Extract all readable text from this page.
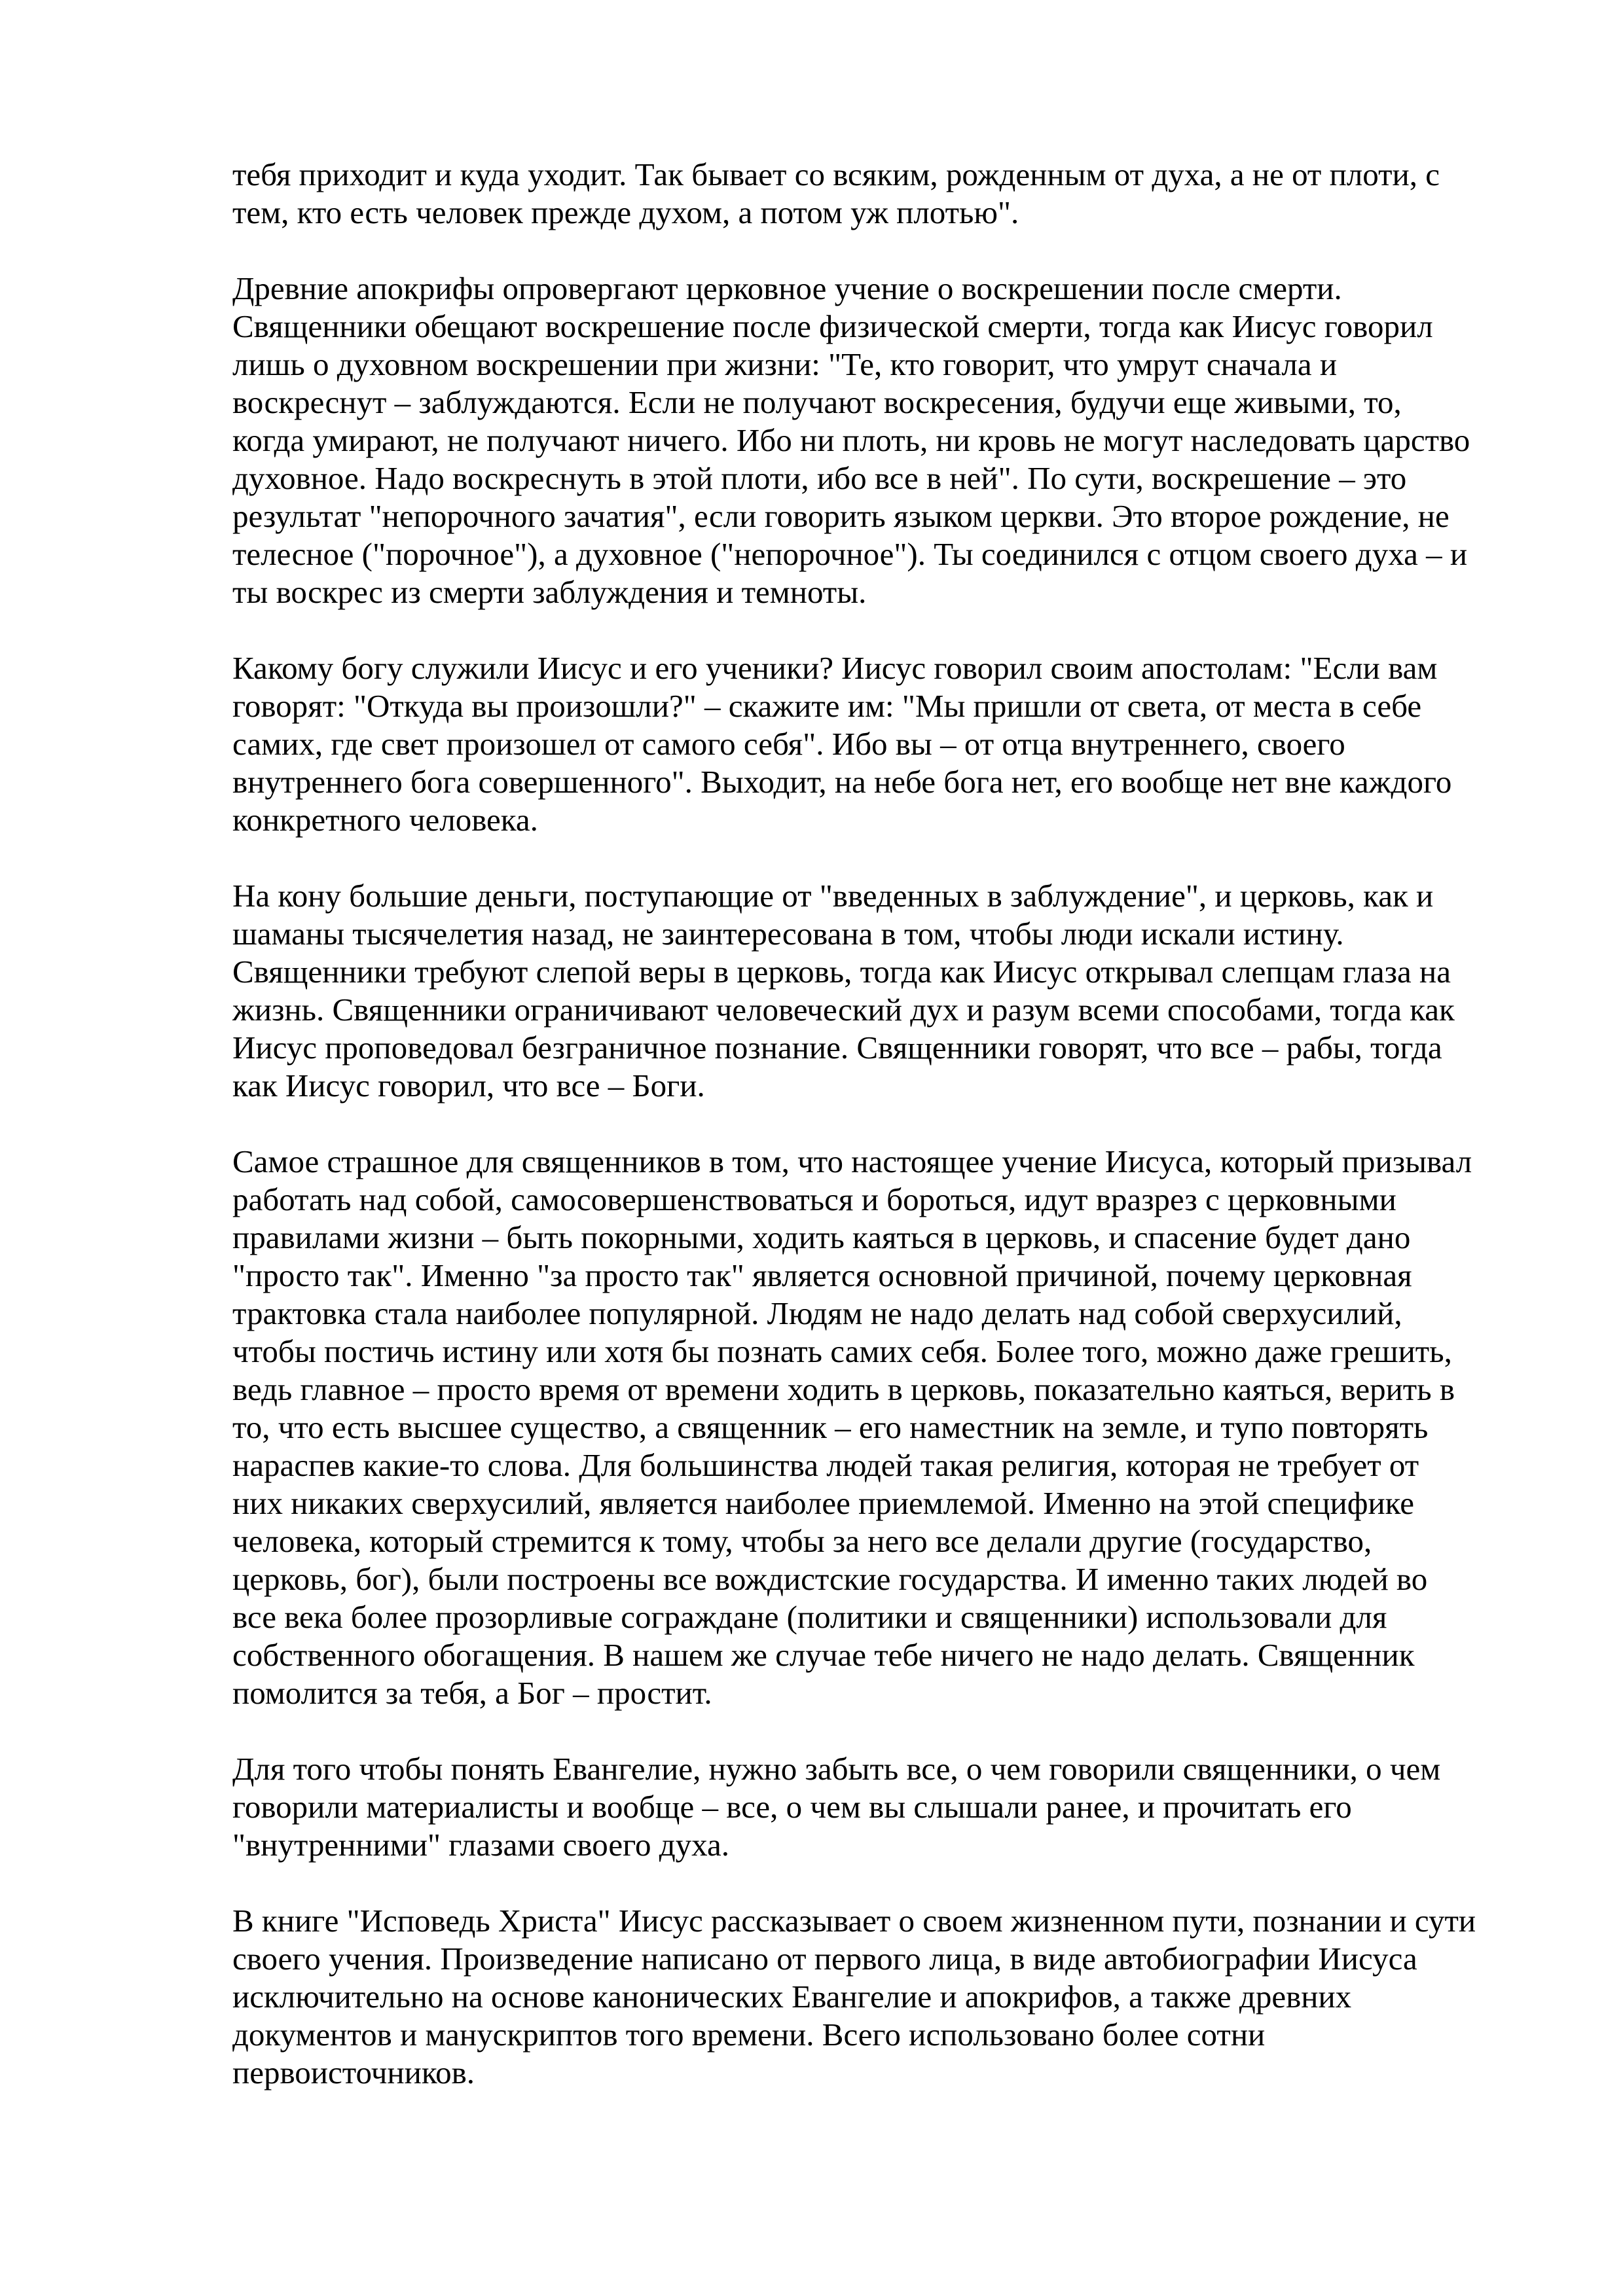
тебя приходит и куда уходит. Так бывает со всяким, рожденным от духа, а не от плоти, с
тем, кто есть человек прежде духом, а потом уж плотью".

Древние апокрифы опровергают церковное учение о воскрешении после смерти.
Священники обещают воскрешение после физической смерти, тогда как Иисус говорил
лишь о духовном воскрешении при жизни: "Те, кто говорит, что умрут сначала и
воскреснут – заблуждаются. Если не получают воскресения, будучи еще живыми, то,
когда умирают, не получают ничего. Ибо ни плоть, ни кровь не могут наследовать царство
духовное. Надо воскреснуть в этой плоти, ибо все в ней". По сути, воскрешение – это
результат "непорочного зачатия", если говорить языком церкви. Это второе рождение, не
телесное ("порочное"), а духовное ("непорочное"). Ты соединился с отцом своего духа – и
ты воскрес из смерти заблуждения и темноты.

Какому богу служили Иисус и его ученики? Иисус говорил своим апостолам: "Если вам
говорят: "Откуда вы произошли?" – скажите им: "Мы пришли от света, от места в себе
самих, где свет произошел от самого себя". Ибо вы – от отца внутреннего, своего
внутреннего бога совершенного". Выходит, на небе бога нет, его вообще нет вне каждого
конкретного человека.

На кону большие деньги, поступающие от "введенных в заблуждение", и церковь, как и
шаманы тысячелетия назад, не заинтересована в том, чтобы люди искали истину.
Священники требуют слепой веры в церковь, тогда как Иисус открывал слепцам глаза на
жизнь. Священники ограничивают человеческий дух и разум всеми способами, тогда как
Иисус проповедовал безграничное познание. Священники говорят, что все – рабы, тогда
как Иисус говорил, что все – Боги.

Самое страшное для священников в том, что настоящее учение Иисуса, который призывал
работать над собой, самосовершенствоваться и бороться, идут вразрез с церковными
правилами жизни – быть покорными, ходить каяться в церковь, и спасение будет дано
"просто так". Именно "за просто так" является основной причиной, почему церковная
трактовка стала наиболее популярной. Людям не надо делать над собой сверхусилий,
чтобы постичь истину или хотя бы познать самих себя. Более того, можно даже грешить,
ведь главное – просто время от времени ходить в церковь, показательно каяться, верить в
то, что есть высшее существо, а священник – его наместник на земле, и тупо повторять
нараспев какие-то слова. Для большинства людей такая религия, которая не требует от
них никаких сверхусилий, является наиболее приемлемой. Именно на этой специфике
человека, который стремится к тому, чтобы за него все делали другие (государство,
церковь, бог), были построены все вождистские государства. И именно таких людей во
все века более прозорливые сограждане (политики и священники) использовали для
собственного обогащения. В нашем же случае тебе ничего не надо делать. Священник
помолится за тебя, а Бог – простит.

Для того чтобы понять Евангелие, нужно забыть все, о чем говорили священники, о чем
говорили материалисты и вообще – все, о чем вы слышали ранее, и прочитать его
"внутренними" глазами своего духа.

В книге "Исповедь Христа" Иисус рассказывает о своем жизненном пути, познании и сути
своего учения. Произведение написано от первого лица, в виде автобиографии Иисуса
исключительно на основе канонических Евангелие и апокрифов, а также древних
документов и манускриптов того времени. Всего использовано более сотни
первоисточников.
